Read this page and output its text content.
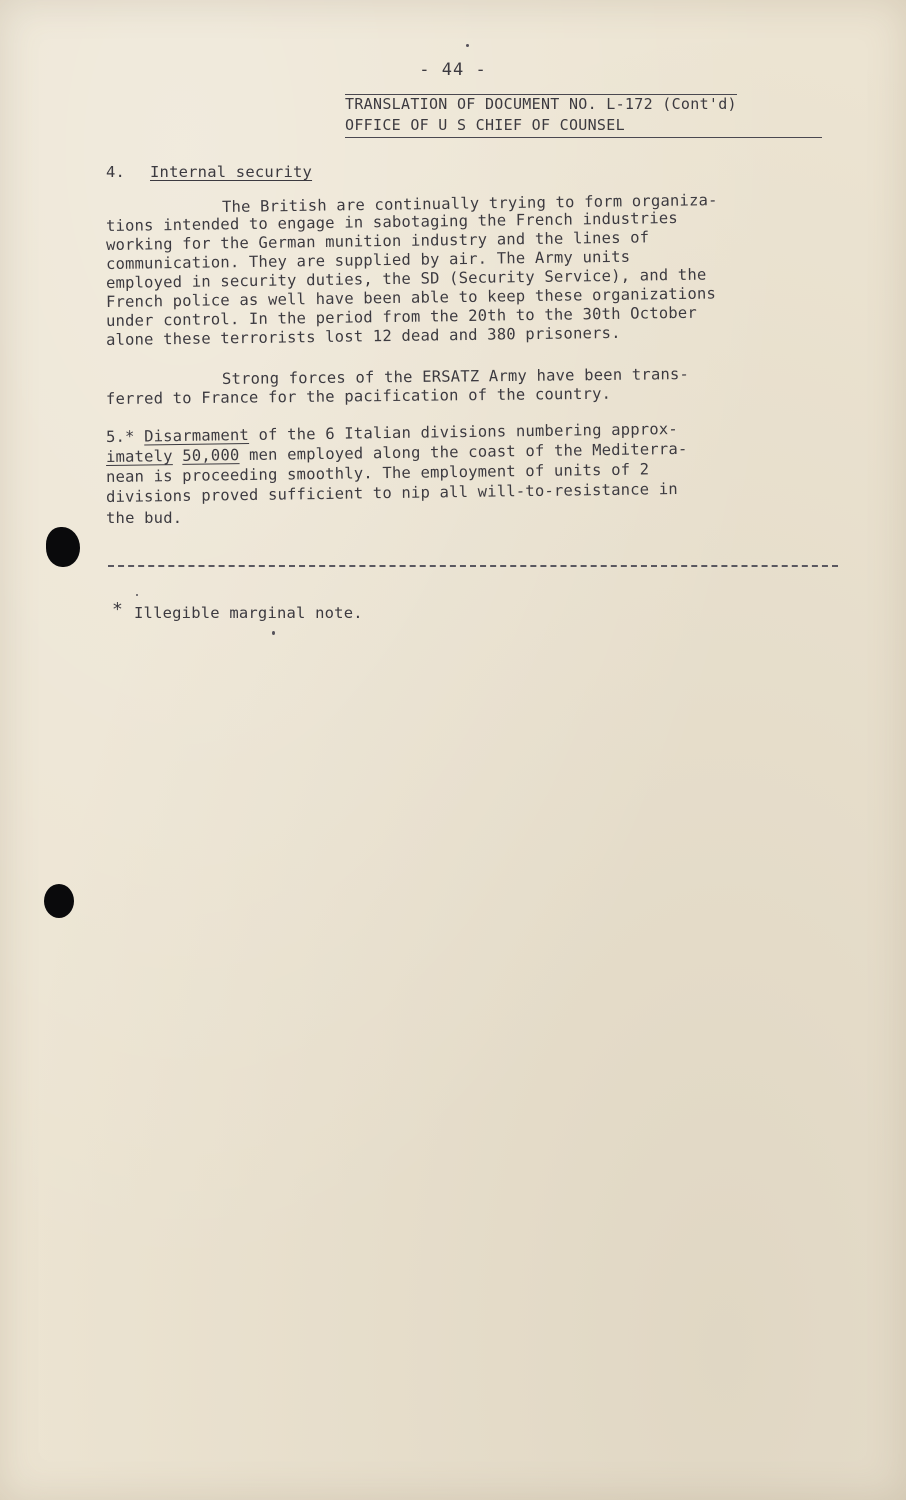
- 44 -
TRANSLATION OF DOCUMENT NO. L-172 (Cont'd)
OFFICE OF U S CHIEF OF COUNSEL
4. Internal security
The British are continually trying to form organiza-
tions intended to engage in sabotaging the French industries
working for the German munition industry and the lines of
communication. They are supplied by air. The Army units
employed in security duties, the SD (Security Service), and the
French police as well have been able to keep these organizations
under control. In the period from the 20th to the 30th October
alone these terrorists lost 12 dead and 380 prisoners.
Strong forces of the ERSATZ Army have been trans-
ferred to France for the pacification of the country.
5.* Disarmament of the 6 Italian divisions numbering approx-
imately 50,000 men employed along the coast of the Mediterra-
nean is proceeding smoothly. The employment of units of 2
divisions proved sufficient to nip all will-to-resistance in
the bud.
* Illegible marginal note.
